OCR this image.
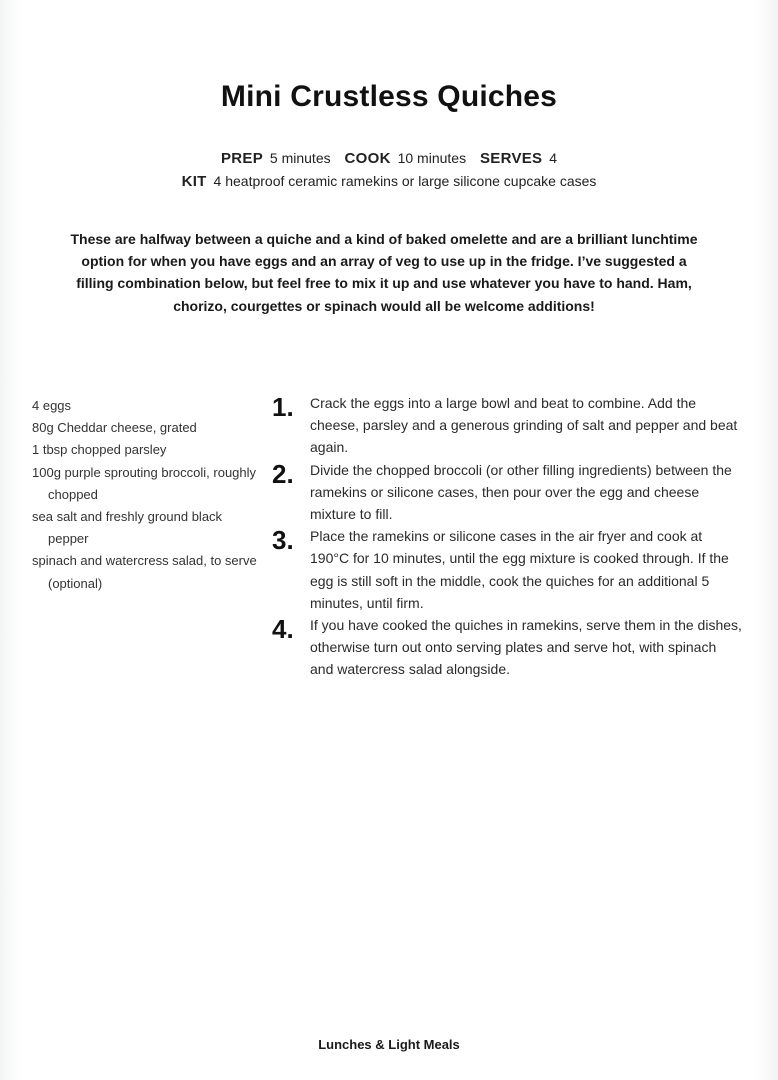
Mini Crustless Quiches
PREP 5 minutes COOK 10 minutes SERVES 4
KIT 4 heatproof ceramic ramekins or large silicone cupcake cases

These are halfway between a quiche and a kind of baked omelette and are a brilliant lunchtime option for when you have eggs and an array of veg to use up in the fridge. I’ve suggested a filling combination below, but feel free to mix it up and use whatever you have to hand. Ham, chorizo, courgettes or spinach would all be welcome additions!

4 eggs
80g Cheddar cheese, grated
1 tbsp chopped parsley
100g purple sprouting broccoli, roughly chopped
sea salt and freshly ground black pepper
spinach and watercress salad, to serve (optional)
1. Crack the eggs into a large bowl and beat to combine. Add the cheese, parsley and a generous grinding of salt and pepper and beat again.
2. Divide the chopped broccoli (or other filling ingredients) between the ramekins or silicone cases, then pour over the egg and cheese mixture to fill.
3. Place the ramekins or silicone cases in the air fryer and cook at 190°C for 10 minutes, until the egg mixture is cooked through. If the egg is still soft in the middle, cook the quiches for an additional 5 minutes, until firm.
4. If you have cooked the quiches in ramekins, serve them in the dishes, otherwise turn out onto serving plates and serve hot, with spinach and watercress salad alongside.
Lunches & Light Meals
